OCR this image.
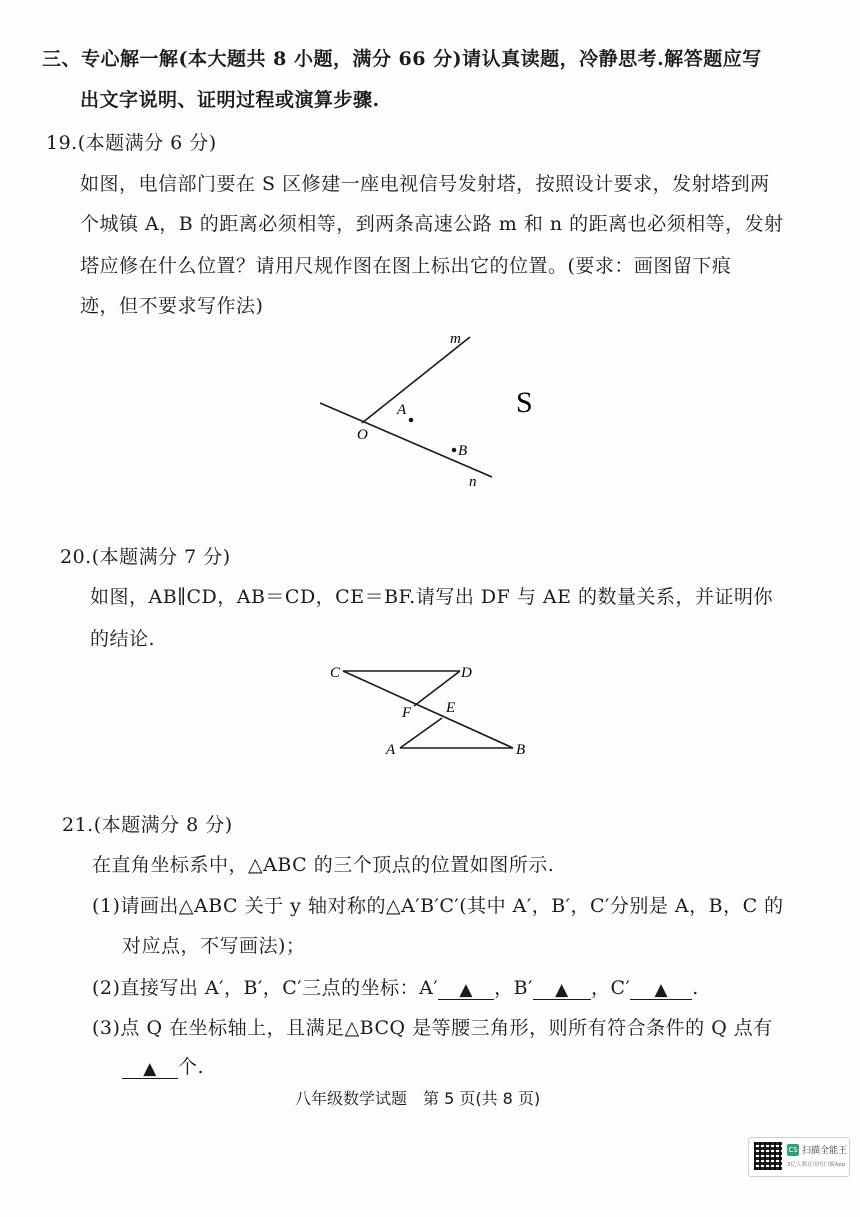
三、专心解一解(本大题共 8 小题，满分 66 分)请认真读题，冷静思考.解答题应写
出文字说明、证明过程或演算步骤.
19.(本题满分 6 分)
如图，电信部门要在 S 区修建一座电视信号发射塔，按照设计要求，发射塔到两
个城镇 A，B 的距离必须相等，到两条高速公路 m 和 n 的距离也必须相等，发射
塔应修在什么位置？请用尺规作图在图上标出它的位置。(要求：画图留下痕
迹，但不要求写作法)
m
n
O
A
B
S
20.(本题满分 7 分)
如图，AB∥CD，AB＝CD，CE＝BF.请写出 DF 与 AE 的数量关系，并证明你
的结论.
C	D
F E
A	B
21.(本题满分 8 分)
在直角坐标系中，△ABC 的三个顶点的位置如图所示.
(1)请画出△ABC 关于 y 轴对称的△A′B′C′(其中 A′，B′，C′分别是 A，B，C 的
对应点，不写画法)；
(2)直接写出 A′，B′，C′三点的坐标：A′ ▲ ，B′ ▲ ，C′ ▲ .
(3)点 Q 在坐标轴上，且满足△BCQ 是等腰三角形，则所有符合条件的 Q 点有
▲ 个.
八年级数学试题　第 5 页(共 8 页)
CS 扫描全能王
3亿人都在用的扫描App
